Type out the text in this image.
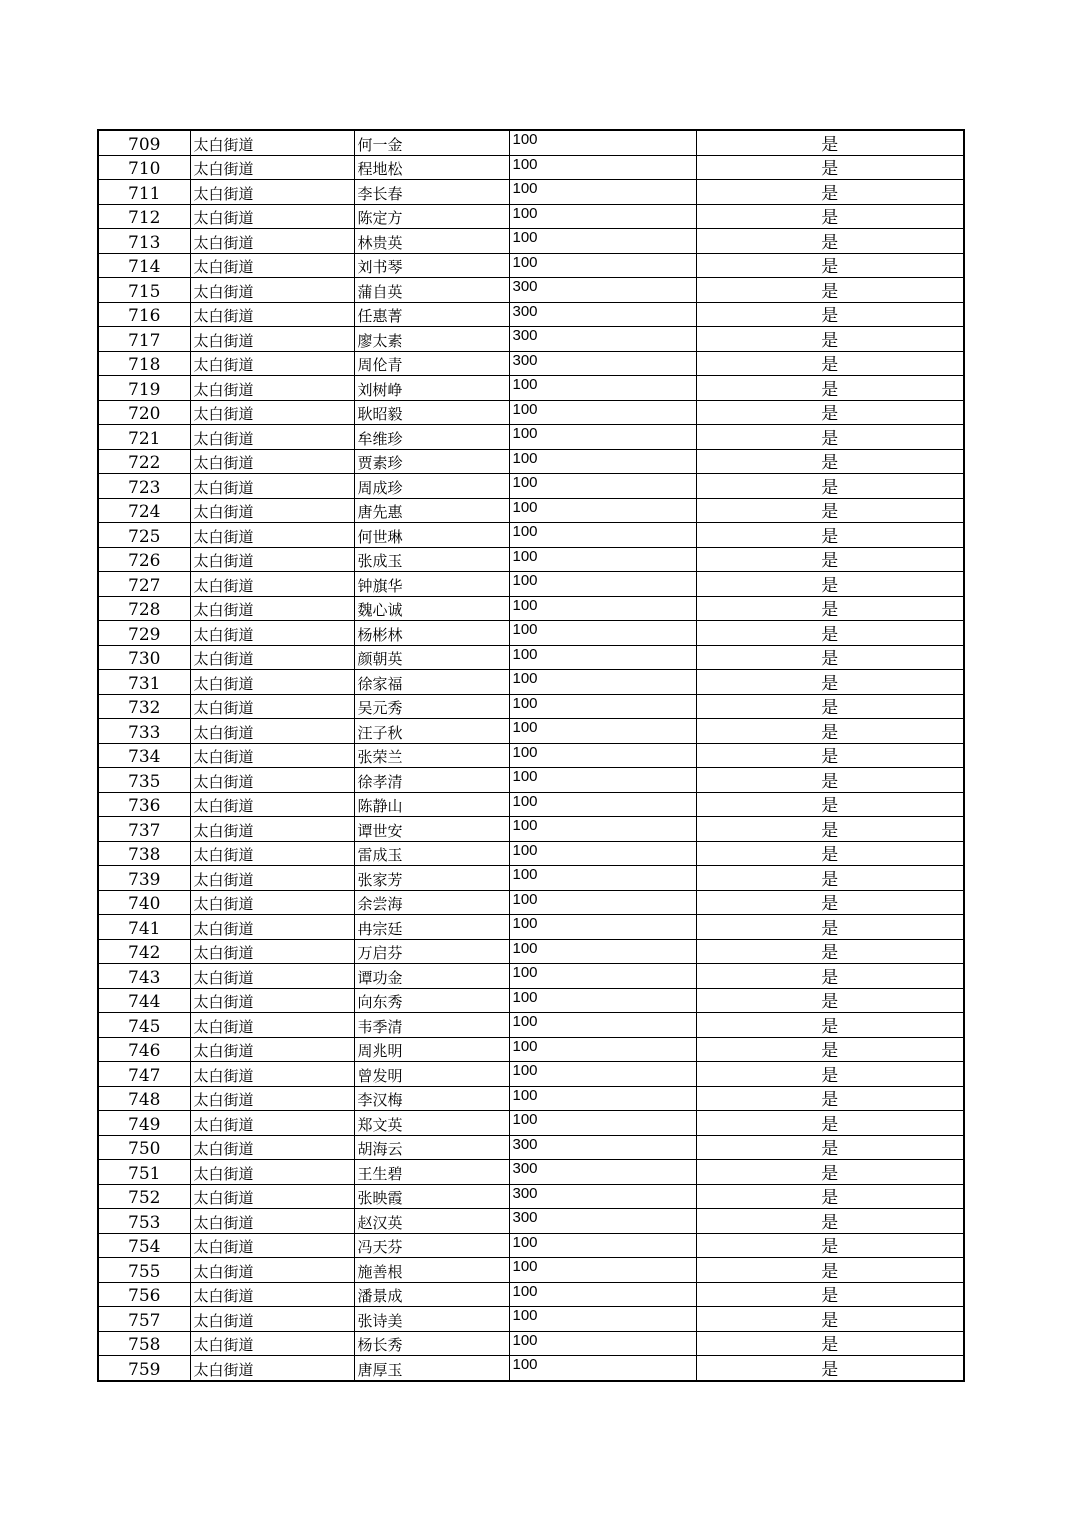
709	太白街道	何一金	100	是
710	太白街道	程地松	100	是
711	太白街道	李长春	100	是
712	太白街道	陈定方	100	是
713	太白街道	林贵英	100	是
714	太白街道	刘书琴	100	是
715	太白街道	蒲自英	300	是
716	太白街道	任惠菁	300	是
717	太白街道	廖太素	300	是
718	太白街道	周伦青	300	是
719	太白街道	刘树峥	100	是
720	太白街道	耿昭毅	100	是
721	太白街道	牟维珍	100	是
722	太白街道	贾素珍	100	是
723	太白街道	周成珍	100	是
724	太白街道	唐先惠	100	是
725	太白街道	何世琳	100	是
726	太白街道	张成玉	100	是
727	太白街道	钟旗华	100	是
728	太白街道	魏心诚	100	是
729	太白街道	杨彬林	100	是
730	太白街道	颜朝英	100	是
731	太白街道	徐家福	100	是
732	太白街道	吴元秀	100	是
733	太白街道	汪子秋	100	是
734	太白街道	张荣兰	100	是
735	太白街道	徐孝清	100	是
736	太白街道	陈静山	100	是
737	太白街道	谭世安	100	是
738	太白街道	雷成玉	100	是
739	太白街道	张家芳	100	是
740	太白街道	余尝海	100	是
741	太白街道	冉宗廷	100	是
742	太白街道	万启芬	100	是
743	太白街道	谭功金	100	是
744	太白街道	向东秀	100	是
745	太白街道	韦季清	100	是
746	太白街道	周兆明	100	是
747	太白街道	曾发明	100	是
748	太白街道	李汉梅	100	是
749	太白街道	郑文英	100	是
750	太白街道	胡海云	300	是
751	太白街道	王生碧	300	是
752	太白街道	张映霞	300	是
753	太白街道	赵汉英	300	是
754	太白街道	冯天芬	100	是
755	太白街道	施善根	100	是
756	太白街道	潘景成	100	是
757	太白街道	张诗美	100	是
758	太白街道	杨长秀	100	是
759	太白街道	唐厚玉	100	是
